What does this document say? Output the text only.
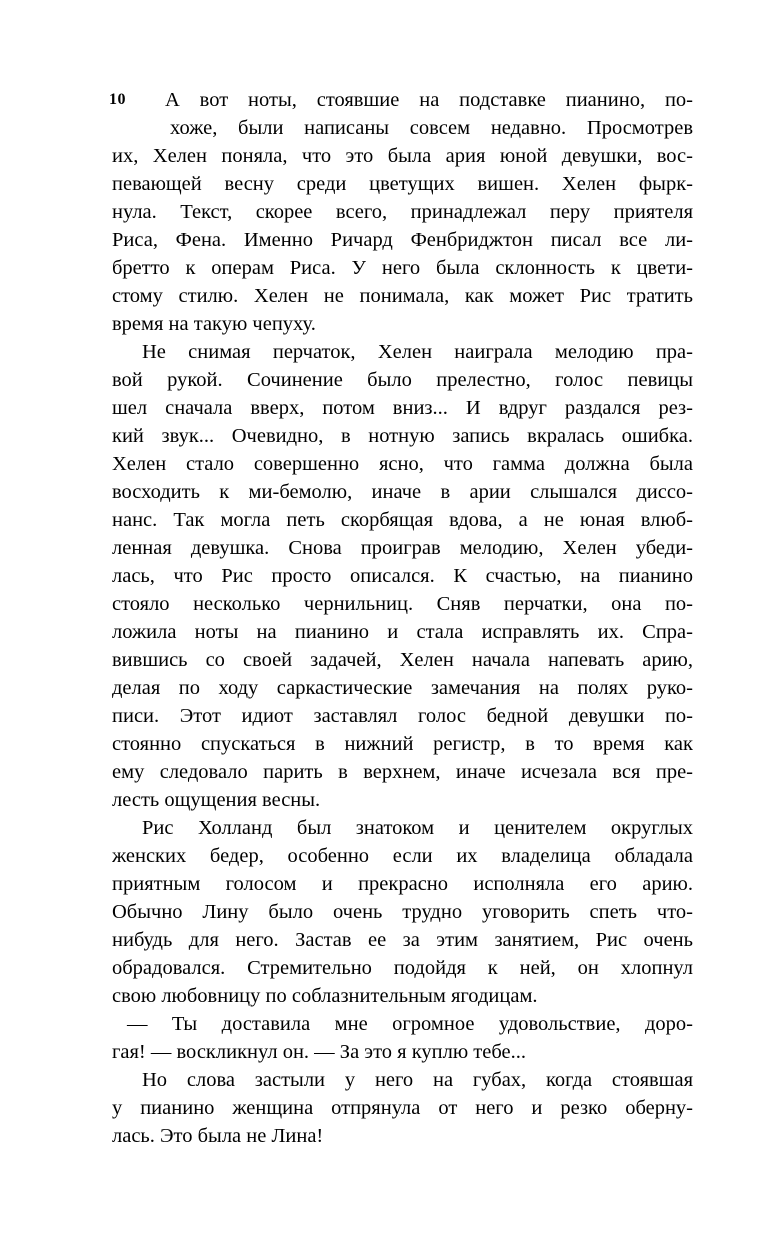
10	А вот ноты, стоявшие на подставке пианино, по-
хоже, были написаны совсем недавно. Просмотрев
их, Хелен поняла, что это была ария юной девушки, вос-
певающей весну среди цветущих вишен. Хелен фырк-
нула. Текст, скорее всего, принадлежал перу приятеля
Риса, Фена. Именно Ричард Фенбриджтон писал все ли-
бретто к операм Риса. У него была склонность к цвети-
стому стилю. Хелен не понимала, как может Рис тратить
время на такую чепуху.
Не снимая перчаток, Хелен наиграла мелодию пра-
вой рукой. Сочинение было прелестно, голос певицы
шел сначала вверх, потом вниз... И вдруг раздался рез-
кий звук... Очевидно, в нотную запись вкралась ошибка.
Хелен стало совершенно ясно, что гамма должна была
восходить к ми-бемолю, иначе в арии слышался диссо-
нанс. Так могла петь скорбящая вдова, а не юная влюб-
ленная девушка. Снова проиграв мелодию, Хелен убеди-
лась, что Рис просто описался. К счастью, на пианино
стояло несколько чернильниц. Сняв перчатки, она по-
ложила ноты на пианино и стала исправлять их. Спра-
вившись со своей задачей, Хелен начала напевать арию,
делая по ходу саркастические замечания на полях руко-
писи. Этот идиот заставлял голос бедной девушки по-
стоянно спускаться в нижний регистр, в то время как
ему следовало парить в верхнем, иначе исчезала вся пре-
лесть ощущения весны.
Рис Холланд был знатоком и ценителем округлых
женских бедер, особенно если их владелица обладала
приятным голосом и прекрасно исполняла его арию.
Обычно Лину было очень трудно уговорить спеть что-
нибудь для него. Застав ее за этим занятием, Рис очень
обрадовался. Стремительно подойдя к ней, он хлопнул
свою любовницу по соблазнительным ягодицам.
— Ты доставила мне огромное удовольствие, доро-
гая! — воскликнул он. — За это я куплю тебе...
Но слова застыли у него на губах, когда стоявшая
у пианино женщина отпрянула от него и резко оберну-
лась. Это была не Лина!
